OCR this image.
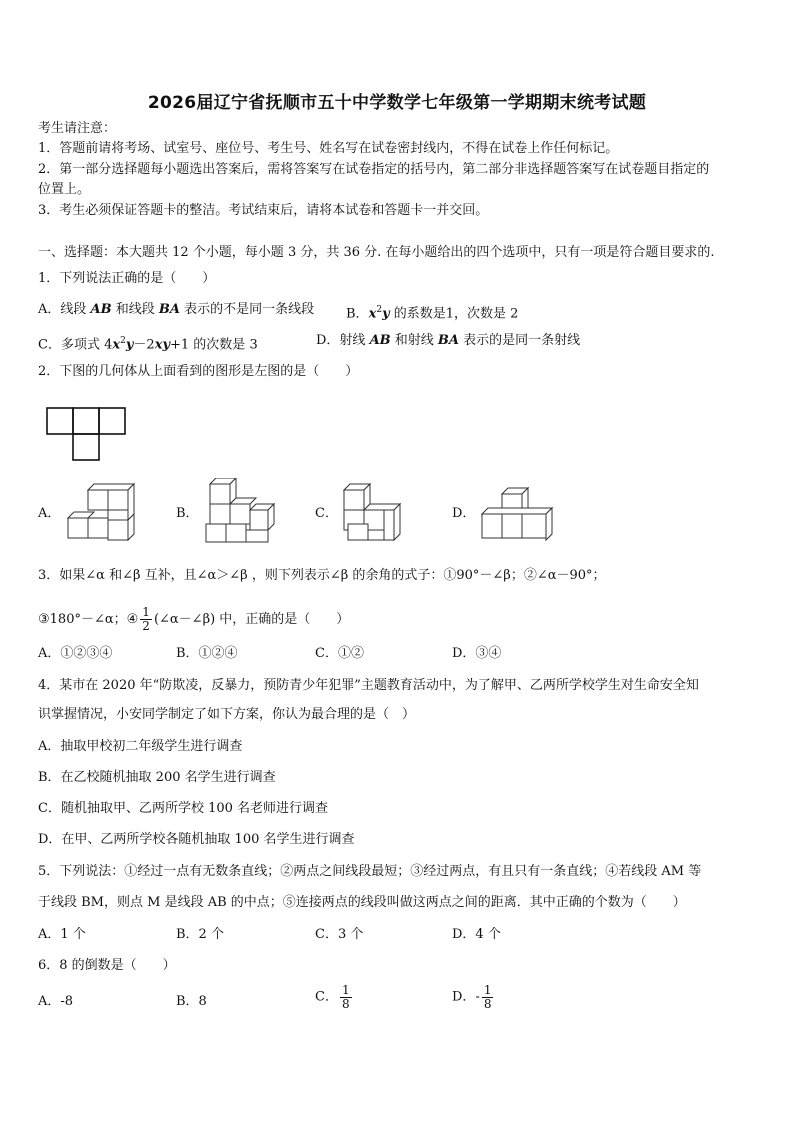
2026届辽宁省抚顺市五十中学数学七年级第一学期期末统考试题
考生请注意：
1．答题前请将考场、试室号、座位号、考生号、姓名写在试卷密封线内，不得在试卷上作任何标记。
2．第一部分选择题每小题选出答案后，需将答案写在试卷指定的括号内，第二部分非选择题答案写在试卷题目指定的
位置上。
3．考生必须保证答题卡的整洁。考试结束后，请将本试卷和答题卡一并交回。
一、选择题：本大题共 12 个小题，每小题 3 分，共 36 分. 在每小题给出的四个选项中，只有一项是符合题目要求的.
1．下列说法正确的是（　　）
A．线段 AB 和线段 BA 表示的不是同一条线段 B．$x^2y$ 的系数是1，次数是 2
C．多项式 $4x^2y-2xy+1$ 的次数是 3	D．射线 AB 和射线 BA 表示的是同一条射线
2．下图的几何体从上面看到的图形是左图的是（　　）
A．	B．	C．	D．
3．如果∠α 和∠β 互补，且∠α＞∠β ，则下列表示∠β 的余角的式子：①90°－∠β；②∠α－90°；
③180°－∠α；④ $\frac{1}{2}$ (∠α－∠β) 中，正确的是（　　）
A．①②③④	B．①②④	C．①②	D．③④
4．某市在 2020 年“防欺凌，反暴力，预防青少年犯罪”主题教育活动中，为了解甲、乙两所学校学生对生命安全知
识掌握情况，小安同学制定了如下方案，你认为最合理的是（　）
A．抽取甲校初二年级学生进行调查
B．在乙校随机抽取 200 名学生进行调查
C．随机抽取甲、乙两所学校 100 名老师进行调查
D．在甲、乙两所学校各随机抽取 100 名学生进行调查
5．下列说法：①经过一点有无数条直线；②两点之间线段最短；③经过两点，有且只有一条直线；④若线段 AM 等
于线段 BM，则点 M 是线段 AB 的中点；⑤连接两点的线段叫做这两点之间的距离．其中正确的个数为（　　）
A．1 个	B．2 个	C．3 个	D．4 个
6．8 的倒数是（　　）
A．-8	B．8	C． $\frac{1}{8}$	D．- $\frac{1}{8}$
